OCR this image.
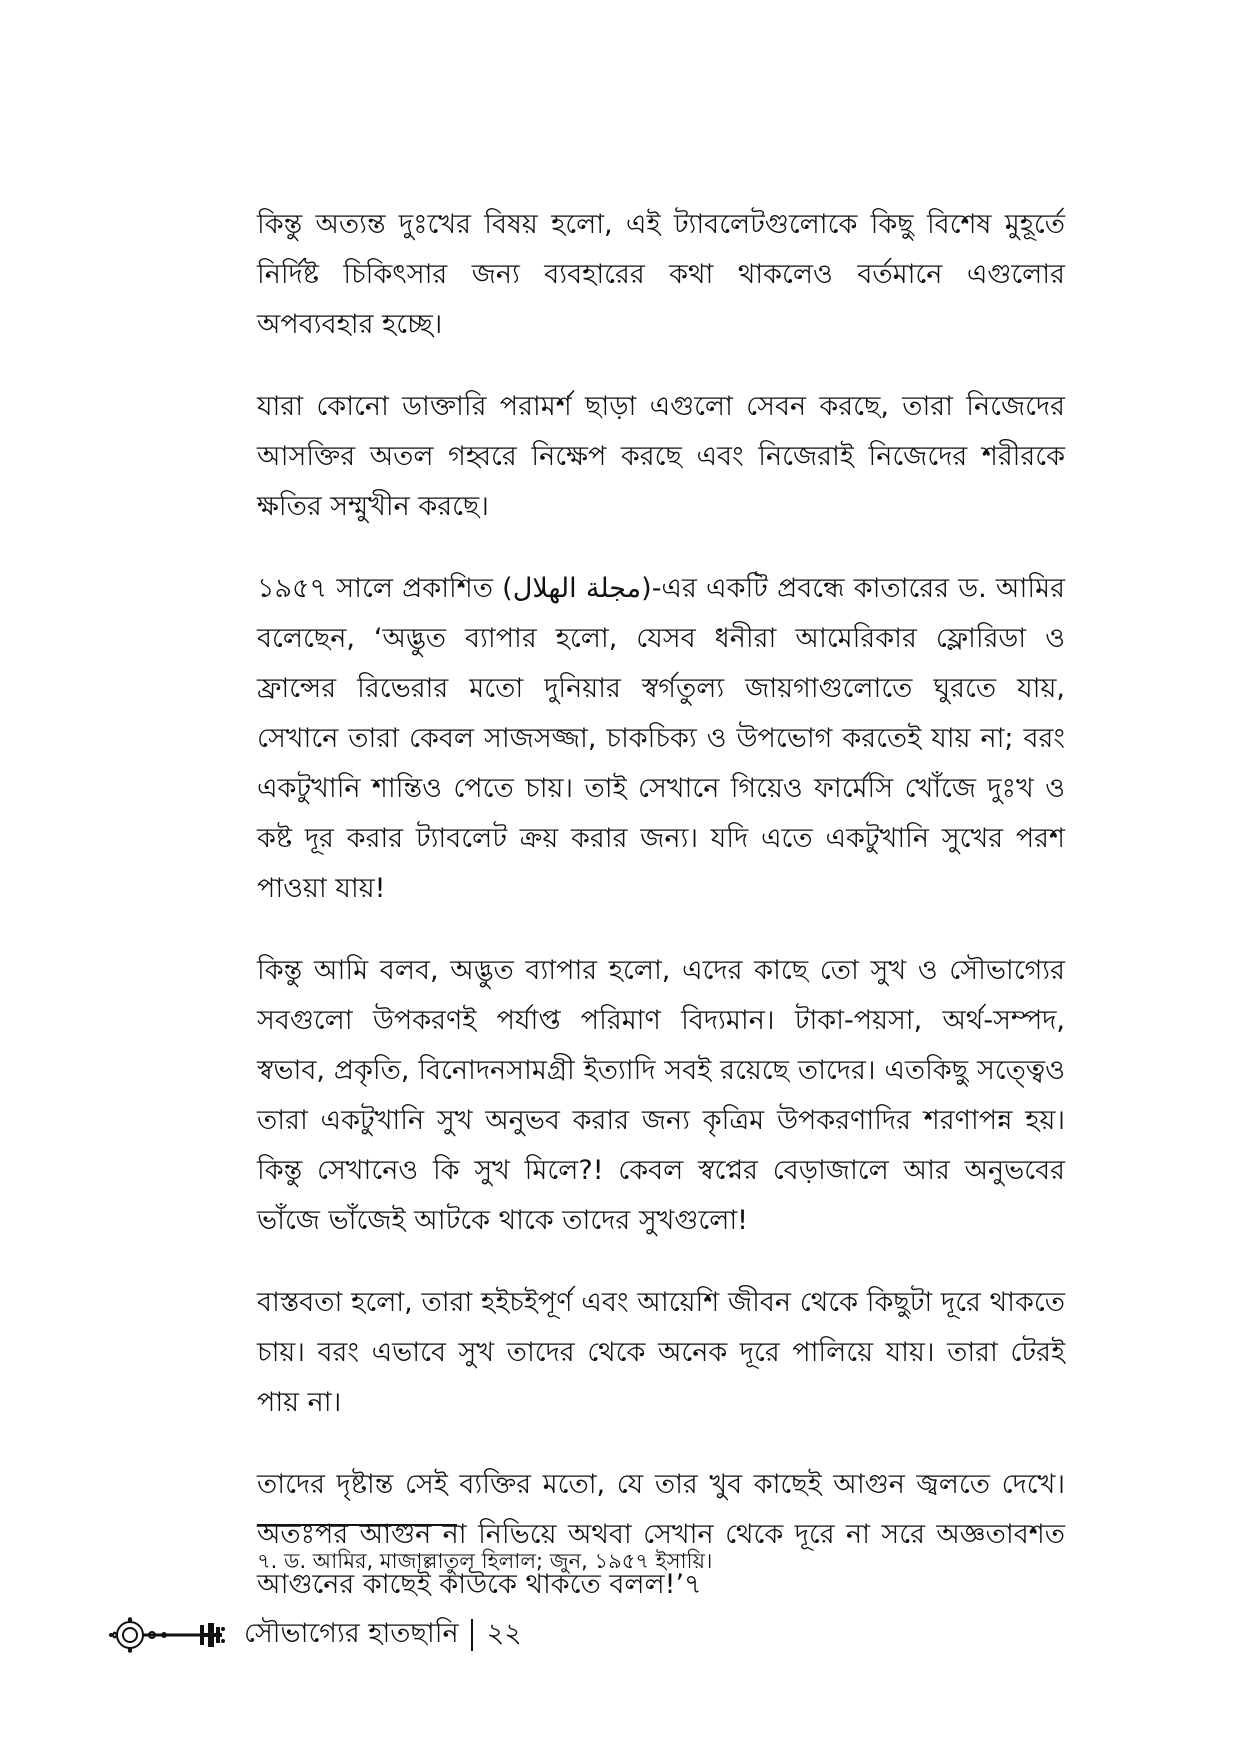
কিন্তু অত্যন্ত দুঃখের বিষয় হলো, এই ট্যাবলেটগুলোকে কিছু বিশেষ মুহূর্তে নির্দিষ্ট চিকিৎসার জন্য ব্যবহারের কথা থাকলেও বর্তমানে এগুলোর অপব্যবহার হচ্ছে।

যারা কোনো ডাক্তারি পরামর্শ ছাড়া এগুলো সেবন করছে, তারা নিজেদের আসক্তির অতল গহ্বরে নিক্ষেপ করছে এবং নিজেরাই নিজেদের শরীরকে ক্ষতির সম্মুখীন করছে।

১৯৫৭ সালে প্রকাশিত (مجلة الهلال)-এর একটি প্রবন্ধে কাতারের ড. আমির বলেছেন, ‘অদ্ভুত ব্যাপার হলো, যেসব ধনীরা আমেরিকার ফ্লোরিডা ও ফ্রান্সের রিভেরার মতো দুনিয়ার স্বর্গতুল্য জায়গাগুলোতে ঘুরতে যায়, সেখানে তারা কেবল সাজসজ্জা, চাকচিক্য ও উপভোগ করতেই যায় না; বরং একটুখানি শান্তিও পেতে চায়। তাই সেখানে গিয়েও ফার্মেসি খোঁজে দুঃখ ও কষ্ট দূর করার ট্যাবলেট ক্রয় করার জন্য। যদি এতে একটুখানি সুখের পরশ পাওয়া যায়!

কিন্তু আমি বলব, অদ্ভুত ব্যাপার হলো, এদের কাছে তো সুখ ও সৌভাগ্যের সবগুলো উপকরণই পর্যাপ্ত পরিমাণ বিদ্যমান। টাকা-পয়সা, অর্থ-সম্পদ, স্বভাব, প্রকৃতি, বিনোদনসামগ্রী ইত্যাদি সবই রয়েছে তাদের। এতকিছু সত্ত্বেও তারা একটুখানি সুখ অনুভব করার জন্য কৃত্রিম উপকরণাদির শরণাপন্ন হয়। কিন্তু সেখানেও কি সুখ মিলে?! কেবল স্বপ্নের বেড়াজালে আর অনুভবের ভাঁজে ভাঁজেই আটকে থাকে তাদের সুখগুলো!

বাস্তবতা হলো, তারা হইচইপূর্ণ এবং আয়েশি জীবন থেকে কিছুটা দূরে থাকতে চায়। বরং এভাবে সুখ তাদের থেকে অনেক দূরে পালিয়ে যায়। তারা টেরই পায় না।

তাদের দৃষ্টান্ত সেই ব্যক্তির মতো, যে তার খুব কাছেই আগুন জ্বলতে দেখে। অতঃপর আগুন না নিভিয়ে অথবা সেখান থেকে দূরে না সরে অজ্ঞতাবশত আগুনের কাছেই কাউকে থাকতে বলল!’৭

৭. ড. আমির, মাজাল্লাতুল হিলাল; জুন, ১৯৫৭ ইসায়ি।
সৌভাগ্যের হাতছানি ২২
